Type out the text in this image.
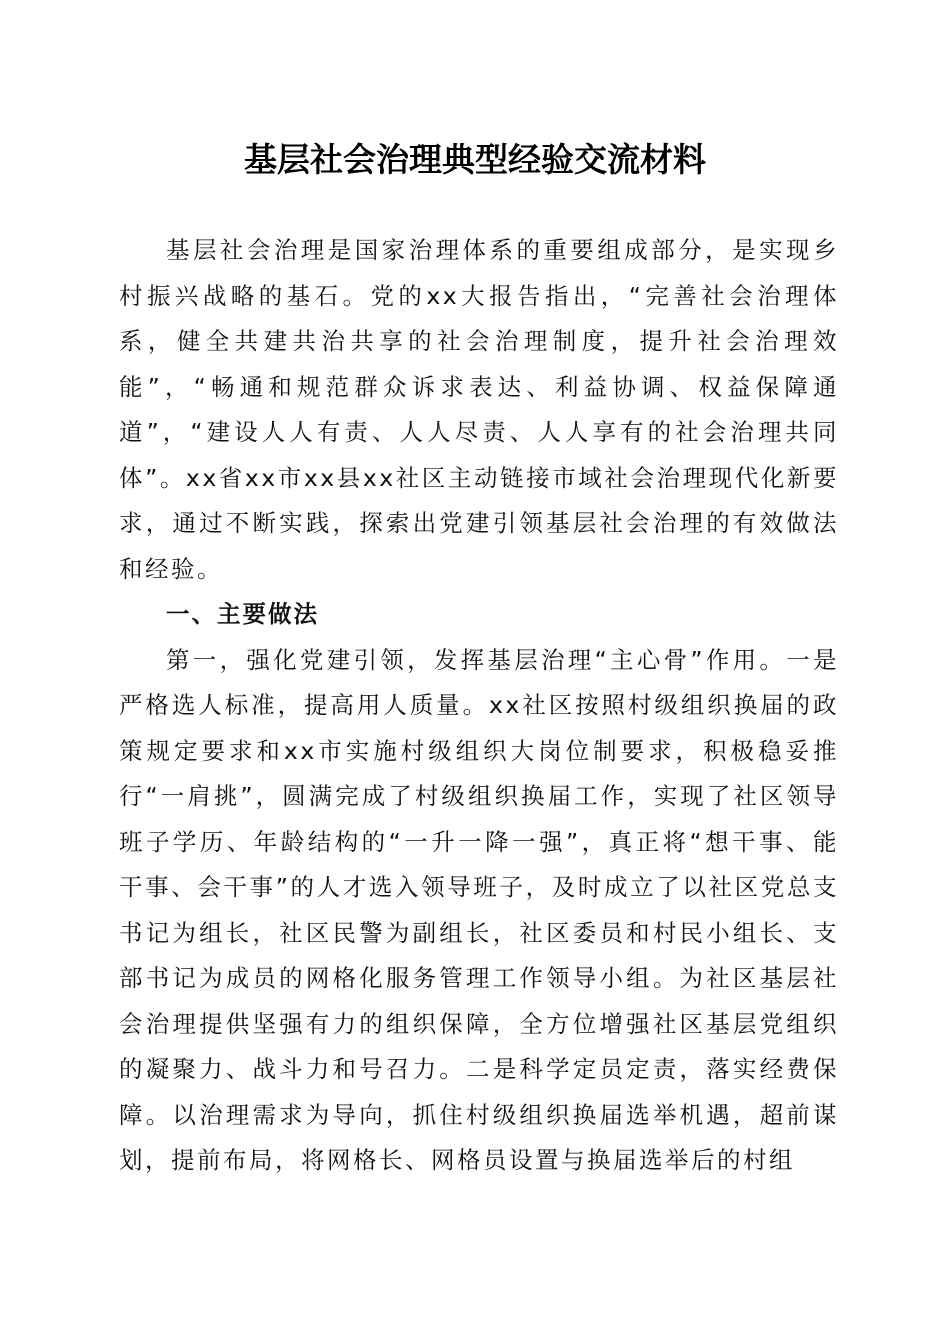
基层社会治理典型经验交流材料

基层社会治理是国家治理体系的重要组成部分，是实现乡村振兴战略的基石。党的xx大报告指出，“完善社会治理体系，健全共建共治共享的社会治理制度，提升社会治理效能”，“畅通和规范群众诉求表达、利益协调、权益保障通道”，“建设人人有责、人人尽责、人人享有的社会治理共同体”。xx省xx市xx县xx社区主动链接市域社会治理现代化新要求，通过不断实践，探索出党建引领基层社会治理的有效做法和经验。

一、主要做法

第一，强化党建引领，发挥基层治理“主心骨”作用。一是严格选人标准，提高用人质量。xx社区按照村级组织换届的政策规定要求和xx市实施村级组织大岗位制要求，积极稳妥推行“一肩挑”，圆满完成了村级组织换届工作，实现了社区领导班子学历、年龄结构的“一升一降一强”，真正将“想干事、能干事、会干事”的人才选入领导班子，及时成立了以社区党总支书记为组长，社区民警为副组长，社区委员和村民小组长、支部书记为成员的网格化服务管理工作领导小组。为社区基层社会治理提供坚强有力的组织保障，全方位增强社区基层党组织的凝聚力、战斗力和号召力。二是科学定员定责，落实经费保障。以治理需求为导向，抓住村级组织换届选举机遇，超前谋划，提前布局，将网格长、网格员设置与换届选举后的村组
